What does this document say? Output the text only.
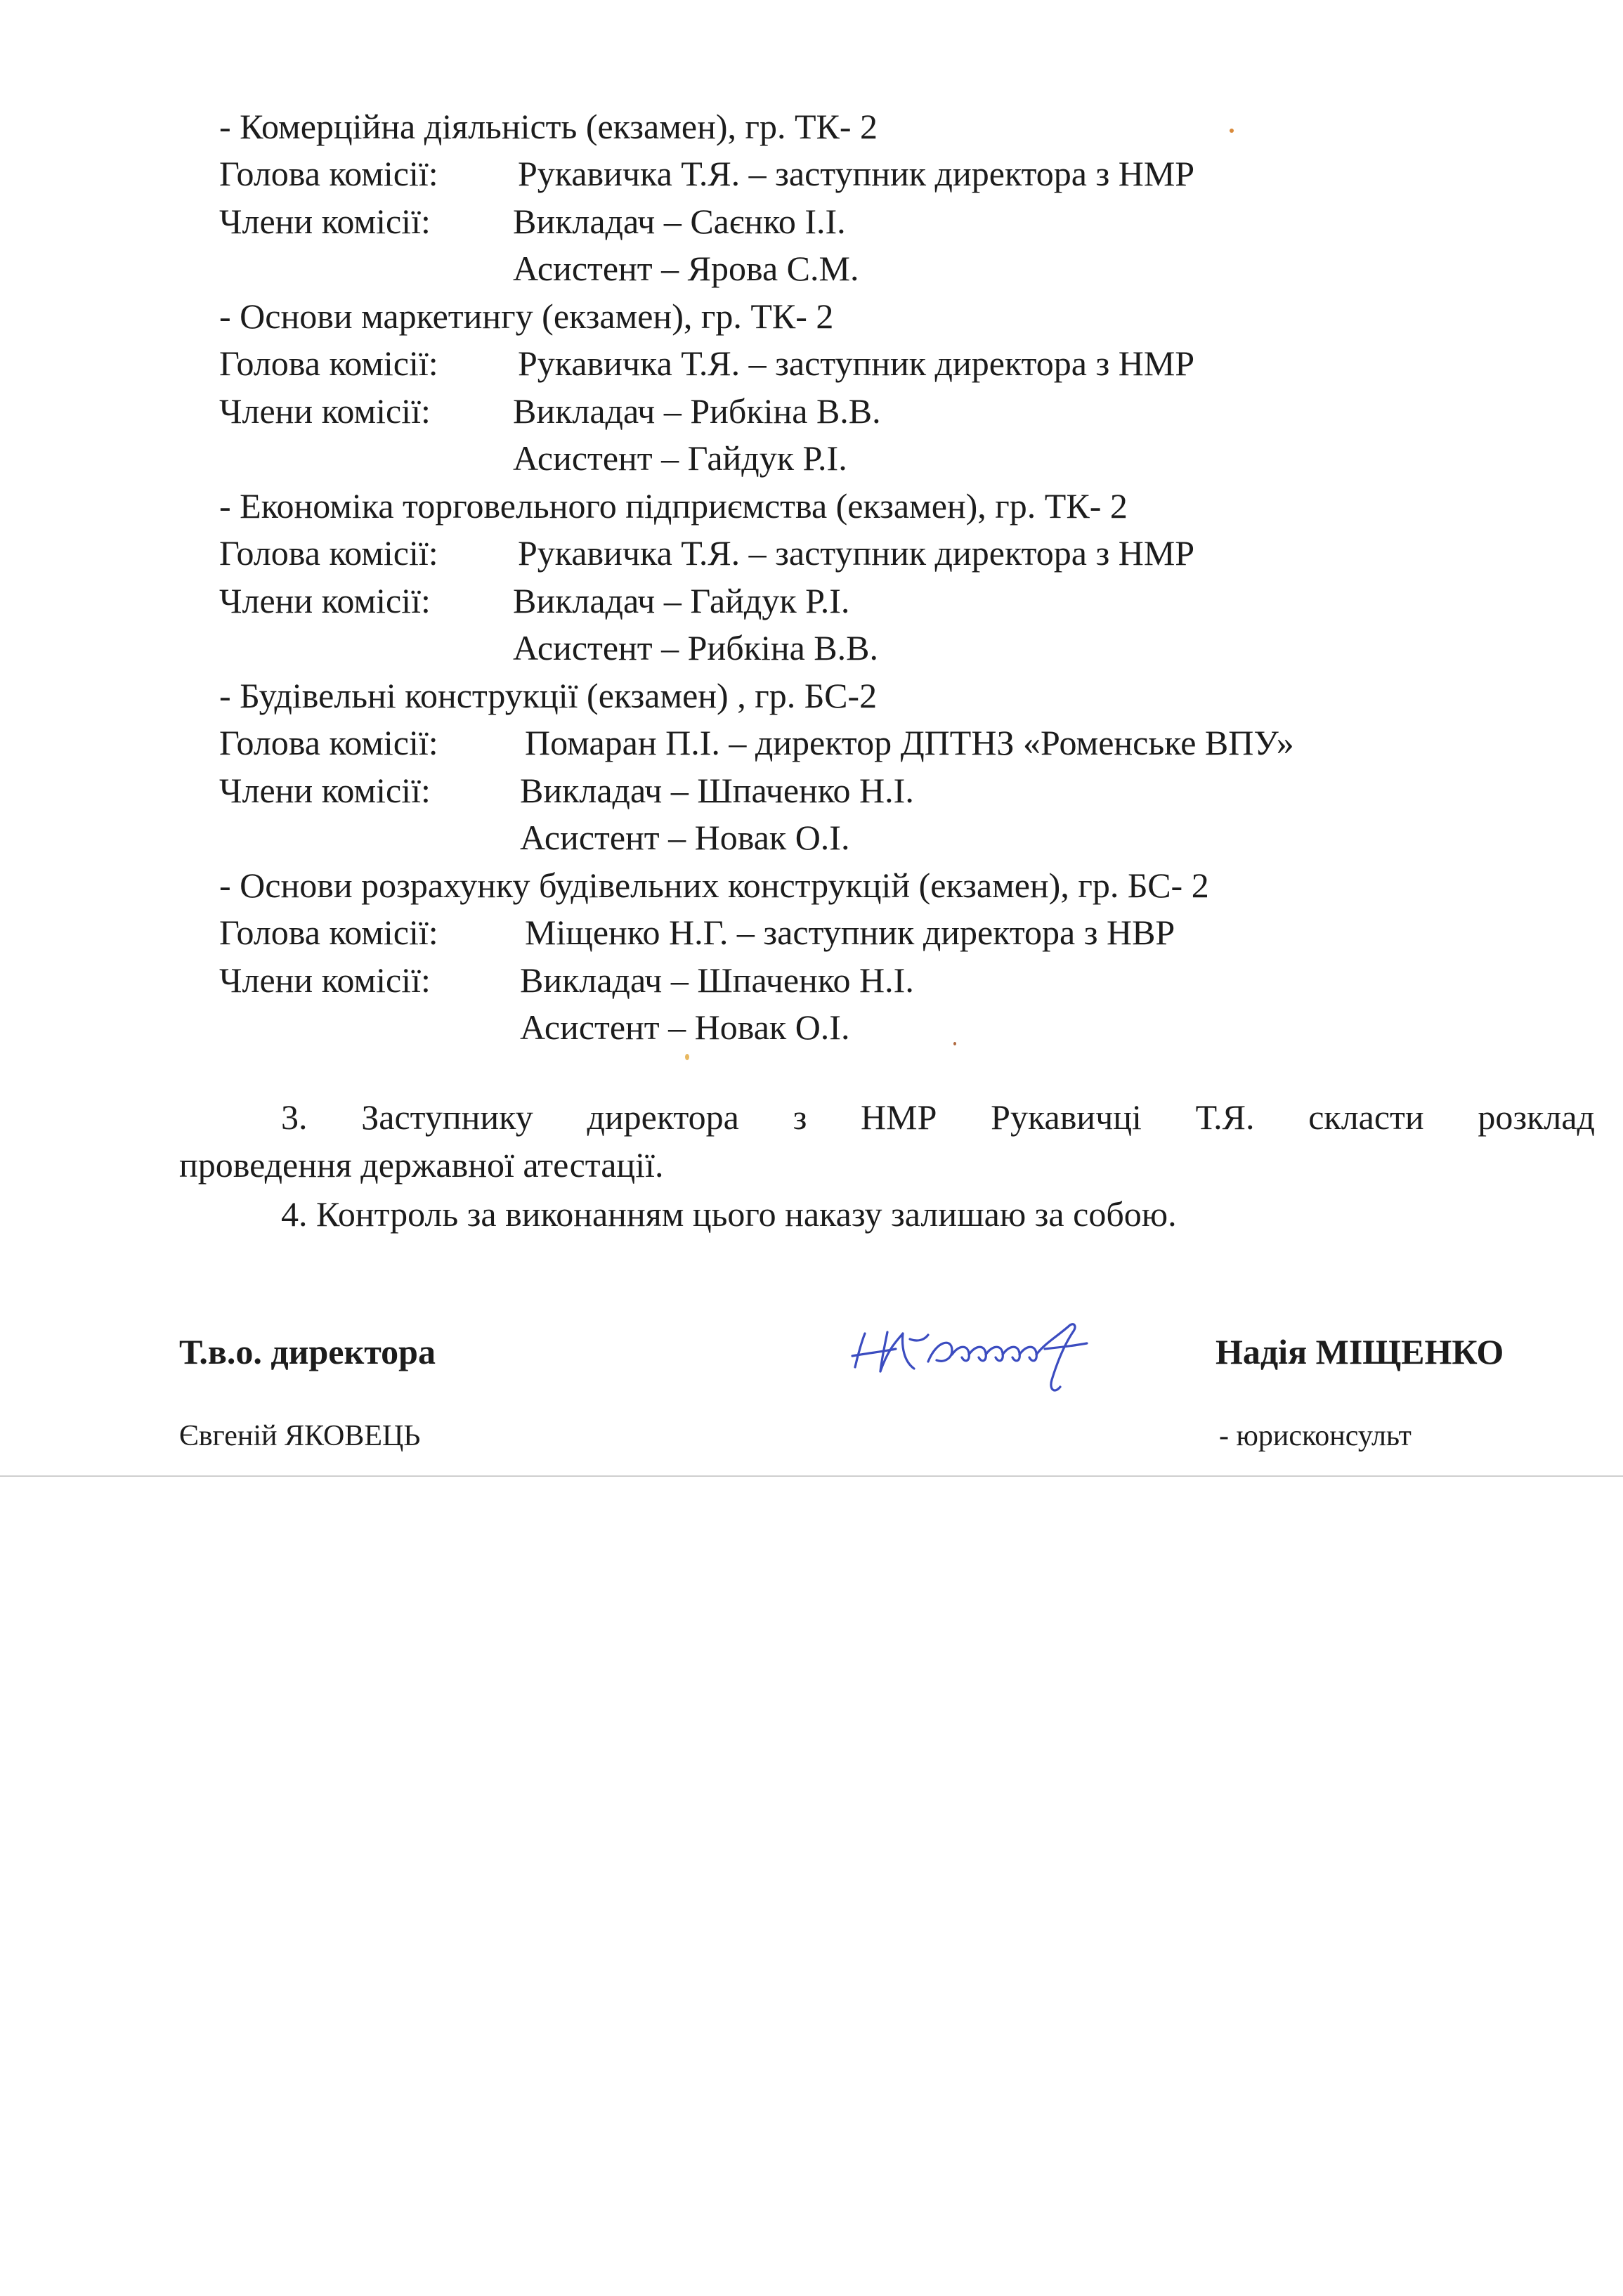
- Комерційна діяльність (екзамен), гр. ТК- 2
Голова комісії: Рукавичка Т.Я. – заступник директора з НМР
Члени комісії: Викладач – Саєнко І.І.
Асистент – Ярова С.М.
- Основи маркетингу (екзамен), гр. ТК- 2
Голова комісії: Рукавичка Т.Я. – заступник директора з НМР
Члени комісії: Викладач – Рибкіна В.В.
Асистент – Гайдук Р.І.
- Економіка торговельного підприємства (екзамен), гр. ТК- 2
Голова комісії: Рукавичка Т.Я. – заступник директора з НМР
Члени комісії: Викладач – Гайдук Р.І.
Асистент – Рибкіна В.В.
- Будівельні конструкції (екзамен) , гр. БС-2
Голова комісії: Помаран П.І. – директор ДПТНЗ «Роменське ВПУ»
Члени комісії:	Викладач – Шпаченко Н.І.
Асистент – Новак О.І.
- Основи розрахунку будівельних конструкцій (екзамен), гр. БС- 2
Голова комісії: Міщенко Н.Г. – заступник директора з НВР
Члени комісії:	Викладач – Шпаченко Н.І.
Асистент – Новак О.І.
3. Заступнику директора з НМР Рукавичці Т.Я. скласти розклад
проведення державної атестації.
4. Контроль за виконанням цього наказу залишаю за собою.
Т.в.о. директора	Надія МІЩЕНКО
Євгеній ЯКОВЕЦЬ	- юрисконсульт
